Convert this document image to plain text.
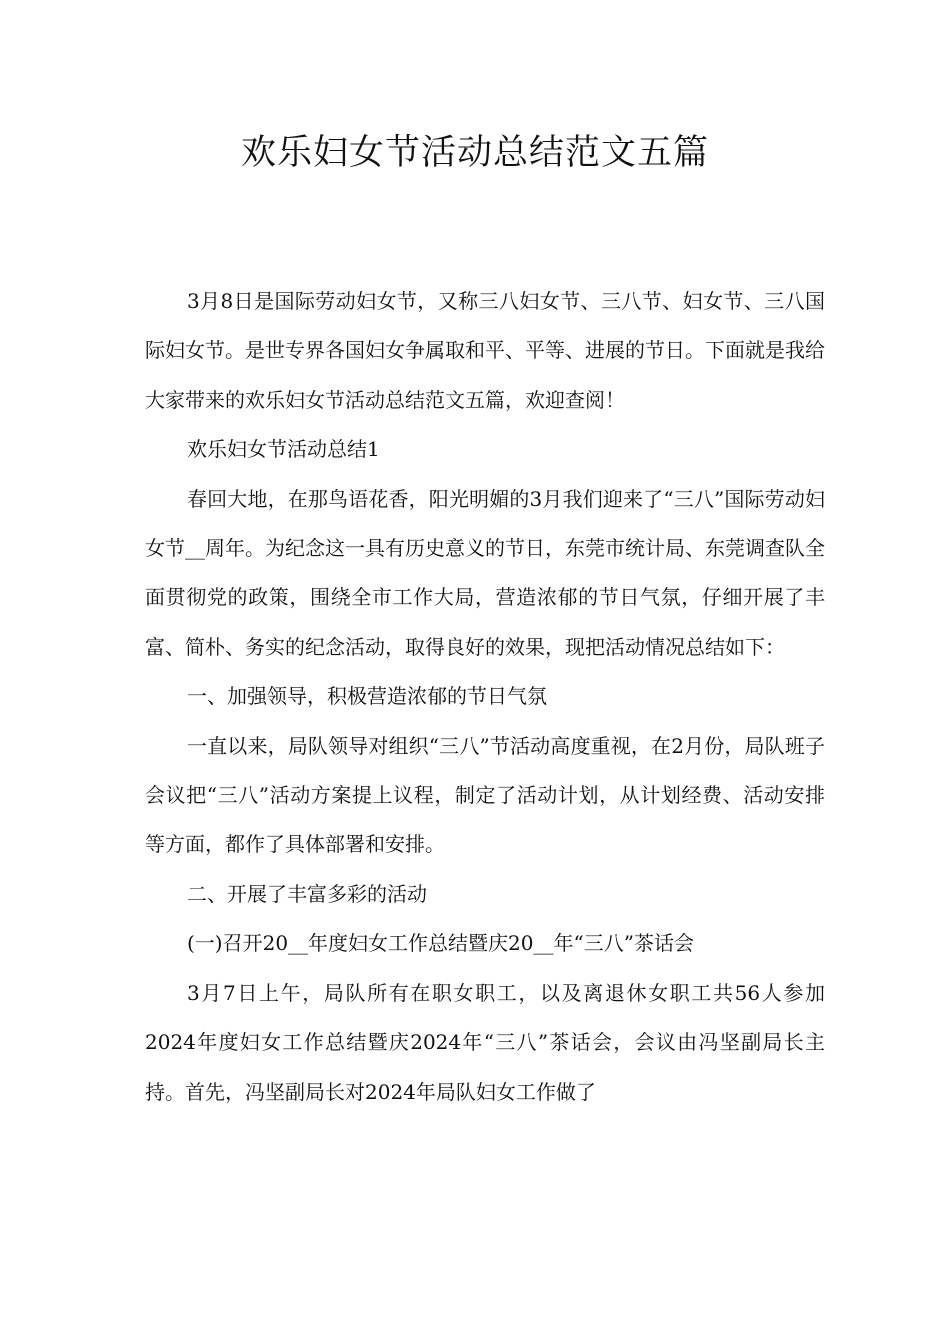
欢乐妇女节活动总结范文五篇

3月8日是国际劳动妇女节，又称三八妇女节、三八节、妇女节、三八国际妇女节。是世专界各国妇女争属取和平、平等、进展的节日。下面就是我给大家带来的欢乐妇女节活动总结范文五篇，欢迎查阅！

欢乐妇女节活动总结1

春回大地，在那鸟语花香，阳光明媚的3月我们迎来了“三八”国际劳动妇女节__周年。为纪念这一具有历史意义的节日，东莞市统计局、东莞调查队全面贯彻党的政策，围绕全市工作大局，营造浓郁的节日气氛，仔细开展了丰富、简朴、务实的纪念活动，取得良好的效果，现把活动情况总结如下：

一、加强领导，积极营造浓郁的节日气氛

一直以来，局队领导对组织“三八”节活动高度重视，在2月份，局队班子会议把“三八”活动方案提上议程，制定了活动计划，从计划经费、活动安排等方面，都作了具体部署和安排。

二、开展了丰富多彩的活动

(一)召开20__年度妇女工作总结暨庆20__年“三八”茶话会

3月7日上午，局队所有在职女职工，以及离退休女职工共56人参加2024年度妇女工作总结暨庆2024年“三八”茶话会，会议由冯坚副局长主持。首先，冯坚副局长对2024年局队妇女工作做了
